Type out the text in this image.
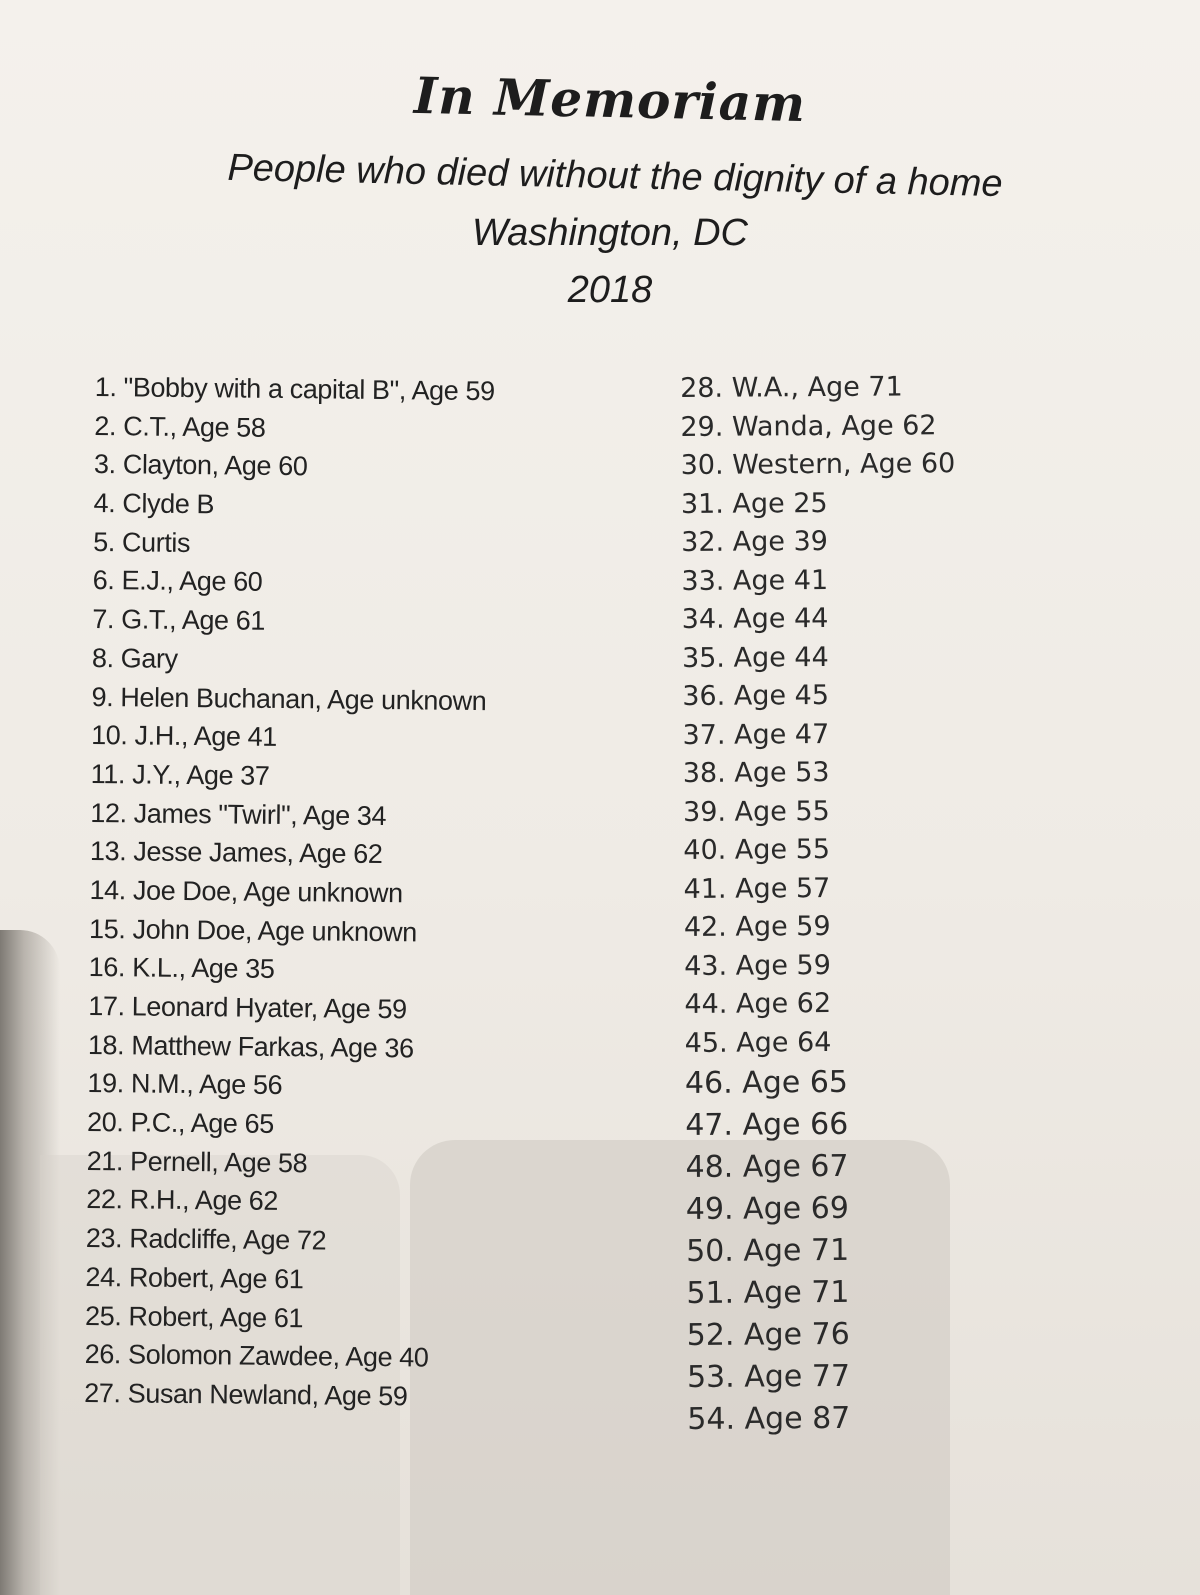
In Memoriam
People who died without the dignity of a home
Washington, DC
2018
1. "Bobby with a capital B", Age 59
2. C.T., Age 58
3. Clayton, Age 60
4. Clyde B
5. Curtis
6. E.J., Age 60
7. G.T., Age 61
8. Gary
9. Helen Buchanan, Age unknown
10. J.H., Age 41
11. J.Y., Age 37
12. James "Twirl", Age 34
13. Jesse James, Age 62
14. Joe Doe, Age unknown
15. John Doe, Age unknown
16. K.L., Age 35
17. Leonard Hyater, Age 59
18. Matthew Farkas, Age 36
19. N.M., Age 56
20. P.C., Age 65
21. Pernell, Age 58
22. R.H., Age 62
23. Radcliffe, Age 72
24. Robert, Age 61
25. Robert, Age 61
26. Solomon Zawdee, Age 40
27. Susan Newland, Age 59
28. W.A., Age 71
29. Wanda, Age 62
30. Western, Age 60
31. Age 25
32. Age 39
33. Age 41
34. Age 44
35. Age 44
36. Age 45
37. Age 47
38. Age 53
39. Age 55
40. Age 55
41. Age 57
42. Age 59
43. Age 59
44. Age 62
45. Age 64
46. Age 65
47. Age 66
48. Age 67
49. Age 69
50. Age 71
51. Age 71
52. Age 76
53. Age 77
54. Age 87
